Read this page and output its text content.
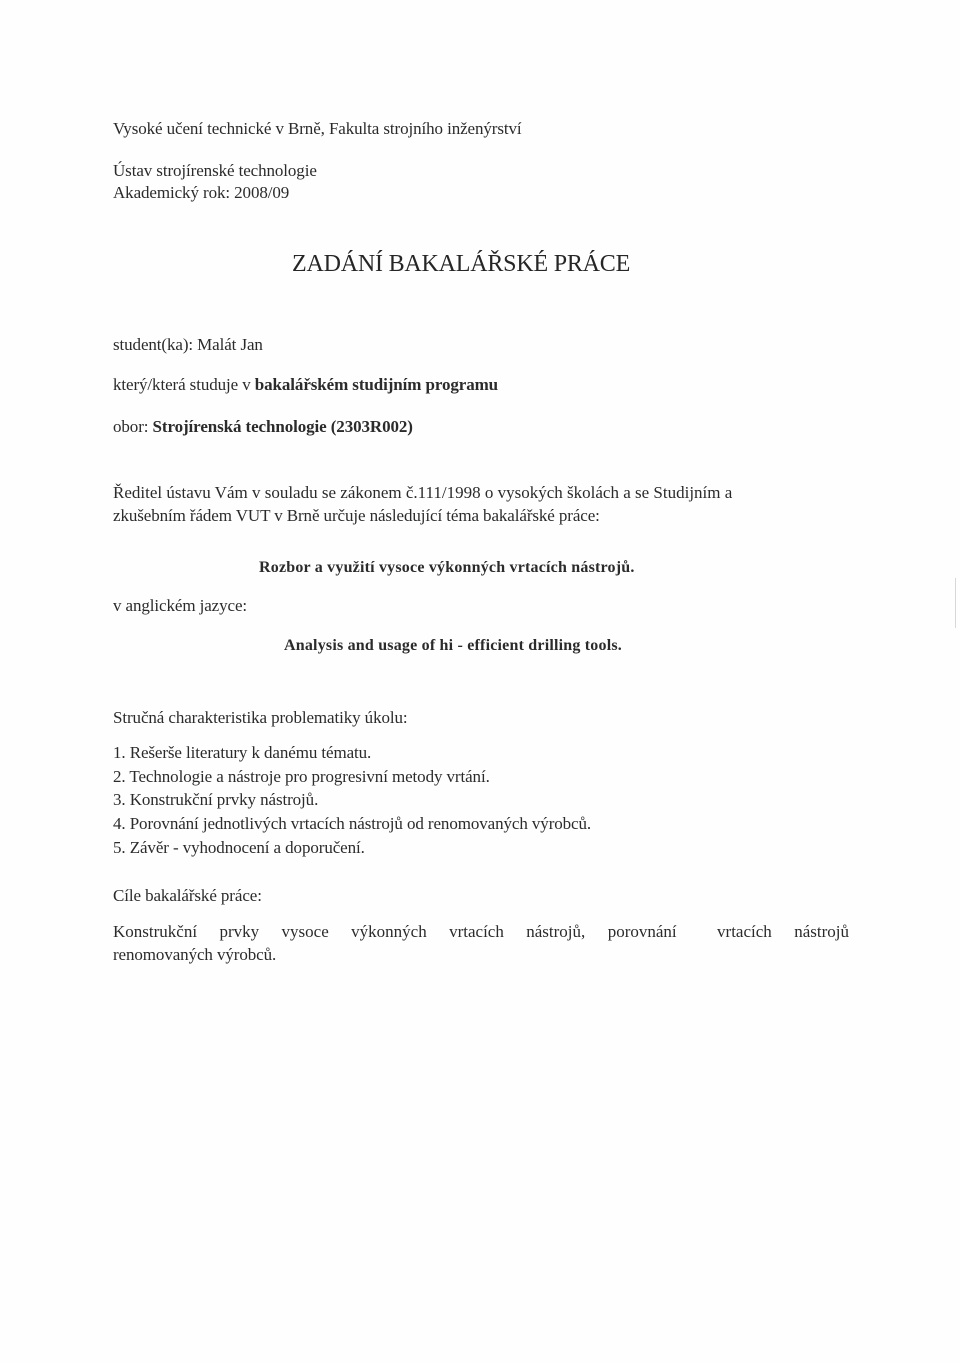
Vysoké učení technické v Brně, Fakulta strojního inženýrství
Ústav strojírenské technologie
Akademický rok: 2008/09
ZADÁNÍ BAKALÁŘSKÉ PRÁCE
student(ka): Malát Jan
který/která studuje v bakalářském studijním programu
obor: Strojírenská technologie (2303R002)
Ředitel ústavu Vám v souladu se zákonem č.111/1998 o vysokých školách a se Studijním a
zkušebním řádem VUT v Brně určuje následující téma bakalářské práce:
Rozbor a využití vysoce výkonných vrtacích nástrojů.
v anglickém jazyce:
Analysis and usage of hi - efficient drilling tools.
Stručná charakteristika problematiky úkolu:
1. Rešerše literatury k danému tématu.
2. Technologie a nástroje pro progresivní metody vrtání.
3. Konstrukční prvky nástrojů.
4. Porovnání jednotlivých vrtacích nástrojů od renomovaných výrobců.
5. Závěr - vyhodnocení a doporučení.
Cíle bakalářské práce:
Konstrukční prvky vysoce výkonných vrtacích nástrojů, porovnání vrtacích nástrojů
renomovaných výrobců.
